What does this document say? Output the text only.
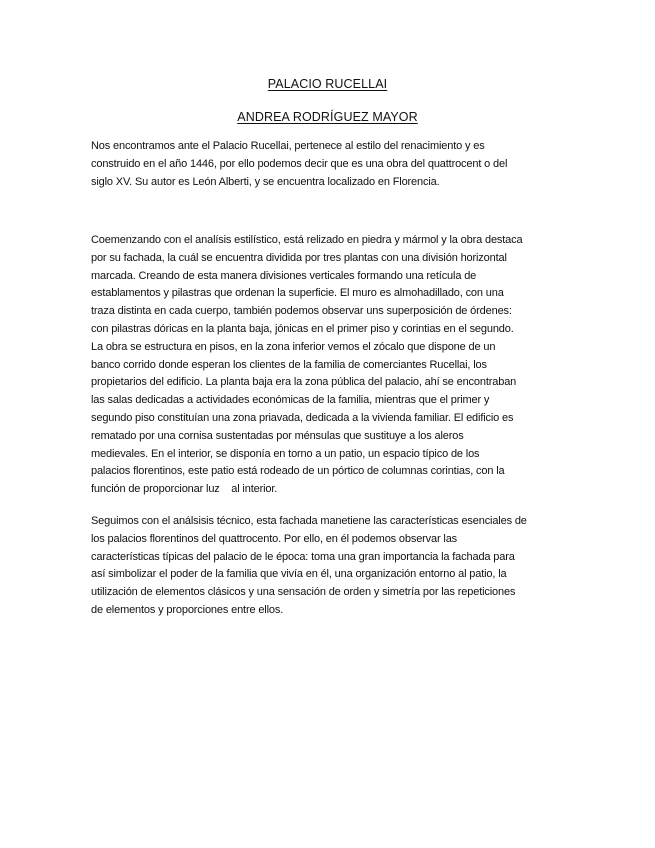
PALACIO RUCELLAI
ANDREA RODRÍGUEZ MAYOR
Nos encontramos ante el Palacio Rucellai, pertenece al estilo del renacimiento y es
construido en el año 1446, por ello podemos decir que es una obra del quattrocent o del
siglo XV. Su autor es León Alberti, y se encuentra localizado en Florencia.
Coemenzando con el analísis estilístico, está relizado en piedra y mármol y la obra destaca
por su fachada, la cuál se encuentra dividida por tres plantas con una división horizontal
marcada. Creando de esta manera divisiones verticales formando una retícula de
establamentos y pilastras que ordenan la superficie. El muro es almohadillado, con una
traza distinta en cada cuerpo, también podemos observar uns superposición de órdenes:
con pilastras dóricas en la planta baja, jónicas en el primer piso y corintias en el segundo.
La obra se estructura en pisos, en la zona inferior vemos el zócalo que dispone de un
banco corrido donde esperan los clientes de la familia de comerciantes Rucellai, los
propietarios del edificio. La planta baja era la zona pública del palacio, ahí se encontraban
las salas dedicadas a actividades económicas de la familia, mientras que el primer y
segundo piso constituían una zona priavada, dedicada a la vivienda familiar. El edificio es
rematado por una cornisa sustentadas por ménsulas que sustituye a los aleros
medievales. En el interior, se disponía en torno a un patio, un espacio típico de los
palacios florentinos, este patio está rodeado de un pórtico de columnas corintias, con la
función de proporcionar luz    al interior.
Seguimos con el análsisis técnico, esta fachada manetiene las características esenciales de
los palacios florentinos del quattrocento. Por ello, en él podemos observar las
características típicas del palacio de le época: toma una gran importancia la fachada para
así simbolizar el poder de la familia que vivía en él, una organización entorno al patio, la
utilización de elementos clásicos y una sensación de orden y simetría por las repeticiones
de elementos y proporciones entre ellos.
